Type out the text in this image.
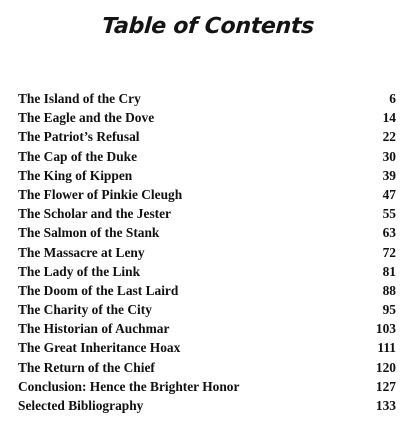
Table of Contents
The Island of the Cry	6
The Eagle and the Dove	14
The Patriot’s Refusal	22
The Cap of the Duke	30
The King of Kippen	39
The Flower of Pinkie Cleugh	47
The Scholar and the Jester	55
The Salmon of the Stank	63
The Massacre at Leny	72
The Lady of the Link	81
The Doom of the Last Laird	88
The Charity of the City	95
The Historian of Auchmar	103
The Great Inheritance Hoax	111
The Return of the Chief	120
Conclusion: Hence the Brighter Honor	127
Selected Bibliography	133
